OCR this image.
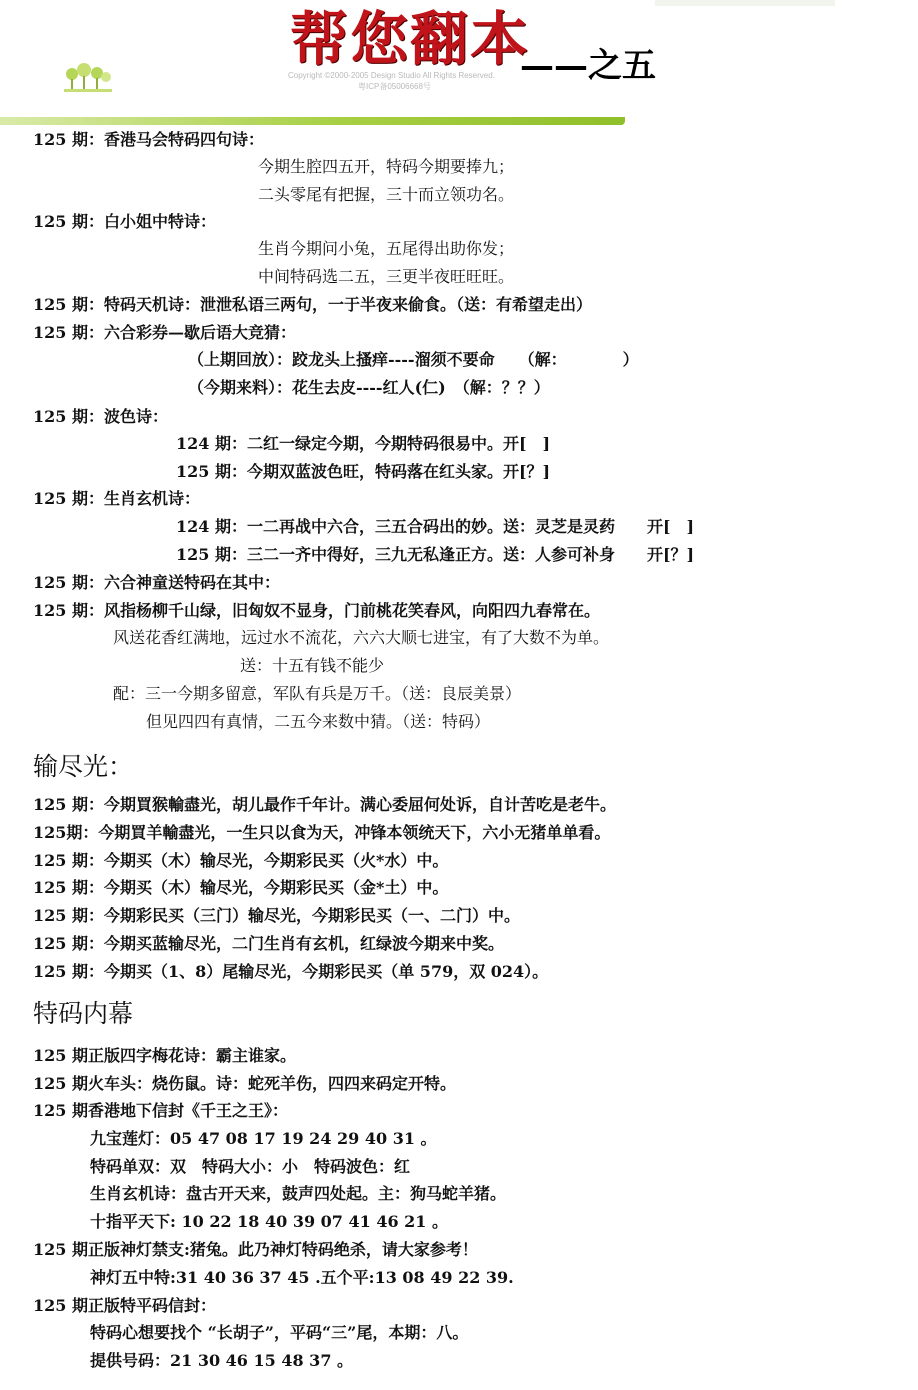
帮您翻本
——之五
Copyright ©2000-2005 Design Studio All Rights Reserved.
粤ICP备05006668号
125 期：香港马会特码四句诗：
今期生腔四五开，特码今期要捧九；
二头零尾有把握，三十而立领功名。
125 期：白小姐中特诗：
生肖今期问小兔，五尾得出助你发；
中间特码选二五，三更半夜旺旺旺。
125 期：特码天机诗：泄泄私语三两句，一于半夜来偷食。（送：有希望走出）
125 期：六合彩券—歇后语大竞猜：
（上期回放）：跤龙头上搔痒----溜须不要命　　（解：　　　　）
（今期来料）：花生去皮----红人(仁)　（解：？？）
125 期：波色诗：
124 期：二红一绿定今期，今期特码很易中。开[　]
125 期：今期双蓝波色旺，特码落在红头家。开[？]
125 期：生肖玄机诗：
124 期：一二再战中六合，三五合码出的妙。送：灵芝是灵药　　开[　]
125 期：三二一齐中得好，三九无私逢正方。送：人参可补身　　开[？]
125 期：六合神童送特码在其中：
125 期：风指杨柳千山绿，旧匈奴不显身，门前桃花笑春风，向阳四九春常在。
风送花香红满地，远过水不流花，六六大顺七进宝，有了大数不为单。
送：十五有钱不能少
配：三一今期多留意，军队有兵是万千。（送：良辰美景）
但见四四有真情，二五今来数中猜。（送：特码）
输尽光：
125 期：今期買猴輸盡光，胡儿最作千年计。满心委屈何处诉，自计苦吃是老牛。
125期：今期買羊輸盡光，一生只以食为天，冲锋本领统天下，六小无猪单单看。
125 期：今期买（木）输尽光，今期彩民买（火*水）中。
125 期：今期买（木）输尽光，今期彩民买（金*土）中。
125 期：今期彩民买（三门）输尽光，今期彩民买（一、二门）中。
125 期：今期买蓝输尽光，二门生肖有玄机，红绿波今期来中奖。
125 期：今期买（1、8）尾输尽光，今期彩民买（单 579，双 024）。
特码内幕
125 期正版四字梅花诗：霸主谁家。
125 期火车头：烧伤鼠。诗：蛇死羊伤，四四来码定开特。
125 期香港地下信封《千王之王》：
九宝莲灯：05 47 08 17 19 24 29 40 31 。
特码单双：双　特码大小：小　特码波色：红
生肖玄机诗：盘古开天来，鼓声四处起。主：狗马蛇羊猪。
十指平天下: 10 22 18 40 39 07 41 46 21 。
125 期正版神灯禁支:猪兔。此乃神灯特码绝杀，请大家参考！
神灯五中特:31 40 36 37 45 .五个平:13 08 49 22 39.
125 期正版特平码信封：
特码心想要找个 “长胡子”，平码“三”尾，本期：八。
提供号码：21 30 46 15 48 37 。
